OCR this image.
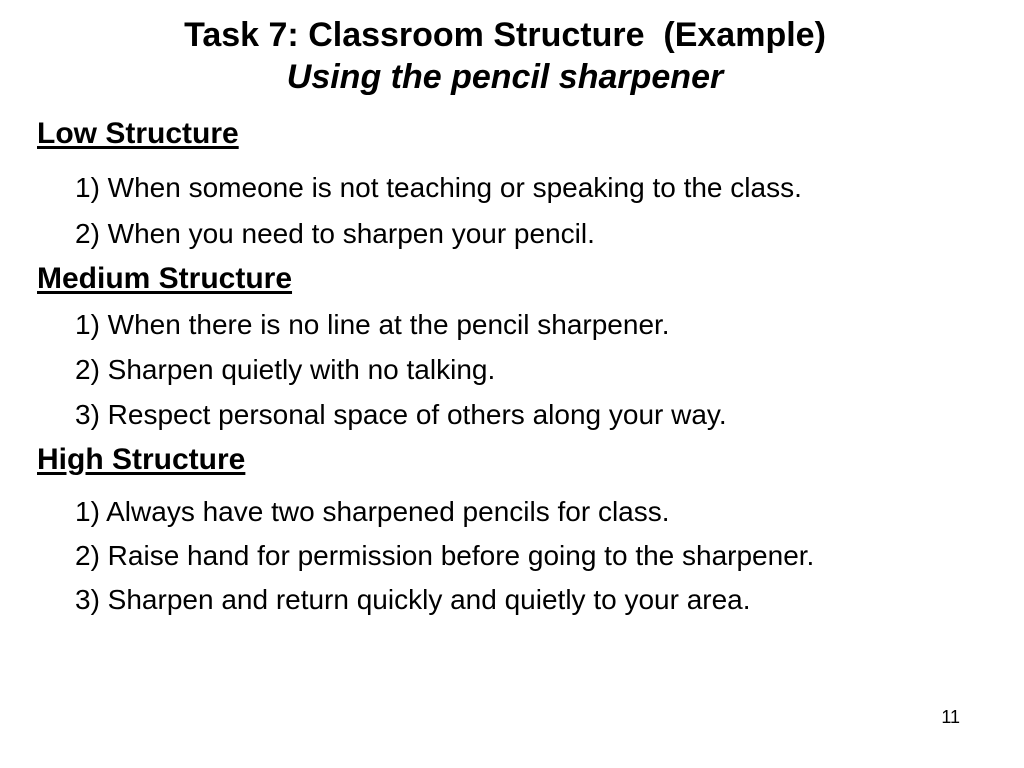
Task 7: Classroom Structure  (Example)
Using the pencil sharpener

Low Structure

1) When someone is not teaching or speaking to the class.

2) When you need to sharpen your pencil.

Medium Structure

1) When there is no line at the pencil sharpener.

2) Sharpen quietly with no talking.

3) Respect personal space of others along your way.

High Structure

1) Always have two sharpened pencils for class.

2) Raise hand for permission before going to the sharpener.

3) Sharpen and return quickly and quietly to your area.

11
